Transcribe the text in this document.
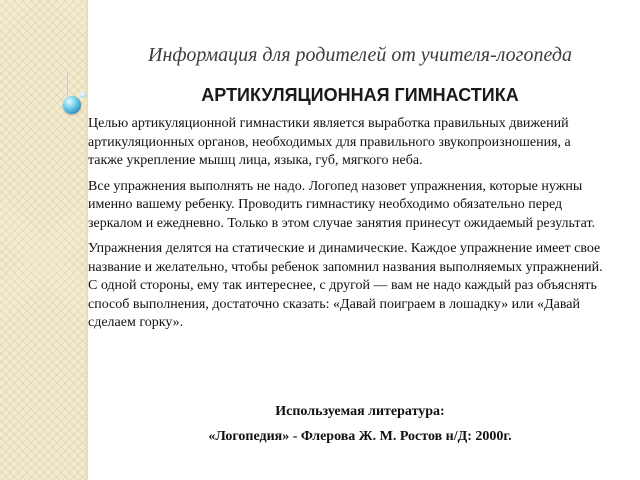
Информация для родителей от учителя-логопеда
АРТИКУЛЯЦИОННАЯ ГИМНАСТИКА

Целью артикуляционной гимнастики является выработка правильных движений артикуляционных органов, необходимых для правильного звукопроизношения, а также укрепление мышц лица, языка, губ, мягкого неба.

Все упражнения выполнять не надо. Логопед назовет упражнения, которые нужны именно вашему ребенку. Проводить гимнастику необходимо обязательно перед зеркалом и ежедневно. Только в этом случае занятия принесут ожидаемый результат.

Упражнения делятся на статические и динамические. Каждое упражнение имеет свое название и желательно, чтобы ребенок запомнил названия выполняемых упражнений. С одной стороны, ему так интереснее, с другой — вам не надо каждый раз объяснять способ выполнения, достаточно сказать: «Давай поиграем в лошадку» или «Давай сделаем горку».

Используемая литература:
«Логопедия» - Флерова Ж. М. Ростов н/Д: 2000г.
